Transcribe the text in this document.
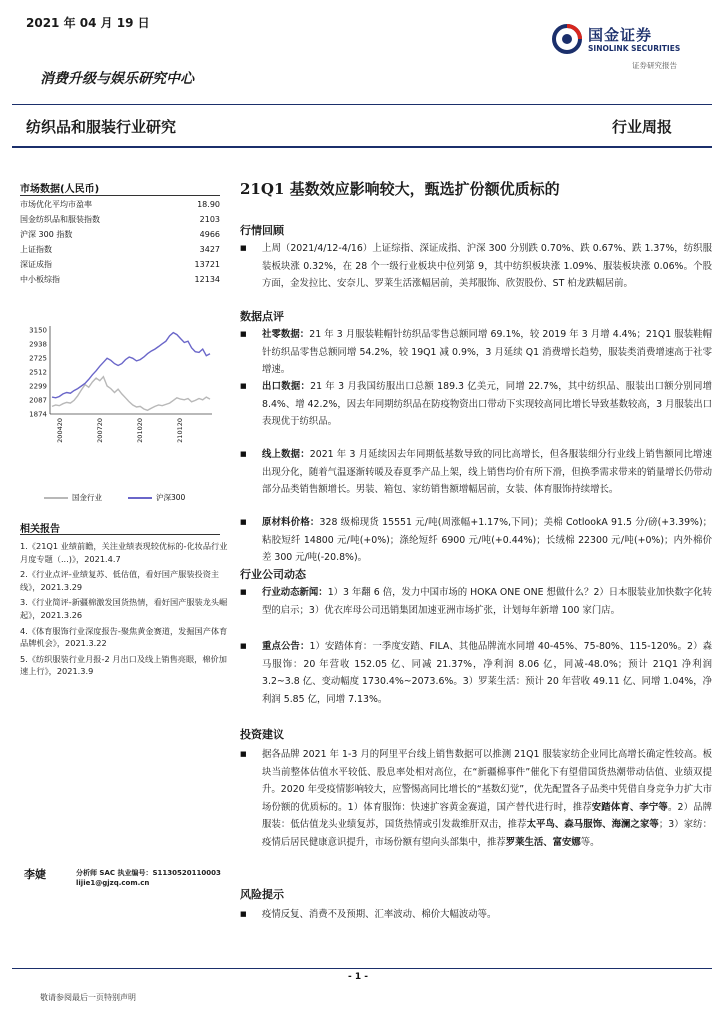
2021 年 04 月 19 日
国金证券
SINOLINK SECURITIES
证券研究报告
消费升级与娱乐研究中心
纺织品和服装行业研究	行业周报
市场数据(人民币)
市场优化平均市盈率	18.90
国金纺织品和服装指数	2103
沪深 300 指数	4966
上证指数	3427
深证成指	13721
中小板综指	12134
3150
2938
2725
2512
2299
2087
1874
200420	200720	201020	210120
国金行业	沪深300
相关报告
1.《21Q1 业绩前瞻，关注业绩表现较优标的-化妆品行业月度专题（...)》，2021.4.7
2.《行业点评-业绩复苏、低估值，看好国产服装投资主线》，2021.3.29
3.《行业简评-新疆棉激发国货热情，看好国产服装龙头崛起》，2021.3.26
4.《体育服饰行业深度报告-聚焦黄金赛道，发掘国产体育品牌机会》，2021.3.22
5.《纺织服装行业月报-2 月出口及线上销售亮眼，棉价加速上行》，2021.3.9
李婕	分析师 SAC 执业编号：S1130520110003
lijie1@gjzq.com.cn
21Q1 基数效应影响较大，甄选扩份额优质标的
行情回顾
■ 上周（2021/4/12-4/16）上证综指、深证成指、沪深 300 分别跌 0.70%、跌 0.67%、跌 1.37%，纺织服装板块涨 0.32%，在 28 个一级行业板块中位列第 9，其中纺织板块涨 1.09%、服装板块涨 0.06%。个股方面，金发拉比、安奈儿、罗莱生活涨幅居前，美邦服饰、欣贺股份、ST 柏龙跌幅居前。

数据点评
■ 社零数据：21 年 3 月服装鞋帽针纺织品零售总额同增 69.1%，较 2019 年 3 月增 4.4%；21Q1 服装鞋帽针纺织品零售总额同增 54.2%，较 19Q1 减 0.9%，3 月延续 Q1 消费增长趋势，服装类消费增速高于社零增速。

■ 出口数据：21 年 3 月我国纺服出口总额 189.3 亿美元，同增 22.7%，其中纺织品、服装出口额分别同增 8.4%、增 42.2%，因去年同期纺织品在防疫物资出口带动下实现较高同比增长导致基数较高，3 月服装出口表现优于纺织品。

■ 线上数据：2021 年 3 月延续因去年同期低基数导致的同比高增长，但各服装细分行业线上销售额同比增速出现分化，随着气温逐渐转暖及春夏季产品上架，线上销售均价有所下滑，但换季需求带来的销量增长仍带动部分品类销售额增长。男装、箱包、家纺销售额增幅居前，女装、体育服饰持续增长。

■ 原材料价格：328 级棉现货 15551 元/吨(周涨幅+1.17%,下同)；美棉 CotlookA 91.5 分/磅(+3.39%)；粘胶短纤 14800 元/吨(+0%)；涤纶短纤 6900 元/吨(+0.44%)；长绒棉 22300 元/吨(+0%)；内外棉价差 300 元/吨(-20.8%)。

行业公司动态
■ 行业动态新闻：1）3 年翻 6 倍，发力中国市场的 HOKA ONE ONE 想做什么？2）日本服装业加快数字化转型的启示；3）优衣库母公司迅销集团加速亚洲市场扩张，计划每年新增 100 家门店。

■ 重点公告：1）安踏体育：一季度安踏、FILA、其他品牌流水同增 40-45%、75-80%、115-120%。2）森马服饰：20 年营收 152.05 亿、同减 21.37%，净利润 8.06 亿，同减-48.0%；预计 21Q1 净利润 3.2~3.8 亿、变动幅度 1730.4%~2073.6%。3）罗莱生活：预计 20 年营收 49.11 亿、同增 1.04%，净利润 5.85 亿，同增 7.13%。

投资建议
■ 据各品牌 2021 年 1-3 月的阿里平台线上销售数据可以推测 21Q1 服装家纺企业同比高增长确定性较高。板块当前整体估值水平较低、股息率处相对高位，在“新疆棉事件”催化下有望借国货热潮带动估值、业绩双提升。2020 年受疫情影响较大，应警惕高同比增长的“基数幻觉”，优先配置各子品类中凭借自身竞争力扩大市场份额的优质标的。1）体育服饰：快速扩容黄金赛道，国产替代进行时，推荐安踏体育、李宁等。2）品牌服装：低估值龙头业绩复苏，国货热情或引发裁维肝双击，推荐太平鸟、森马服饰、海澜之家等；3）家纺：疫情后居民健康意识提升，市场份额有望向头部集中，推荐罗莱生活、富安娜等。

风险提示
■ 疫情反复、消费不及预期、汇率波动、棉价大幅波动等。

- 1 -
敬请参阅最后一页特别声明
